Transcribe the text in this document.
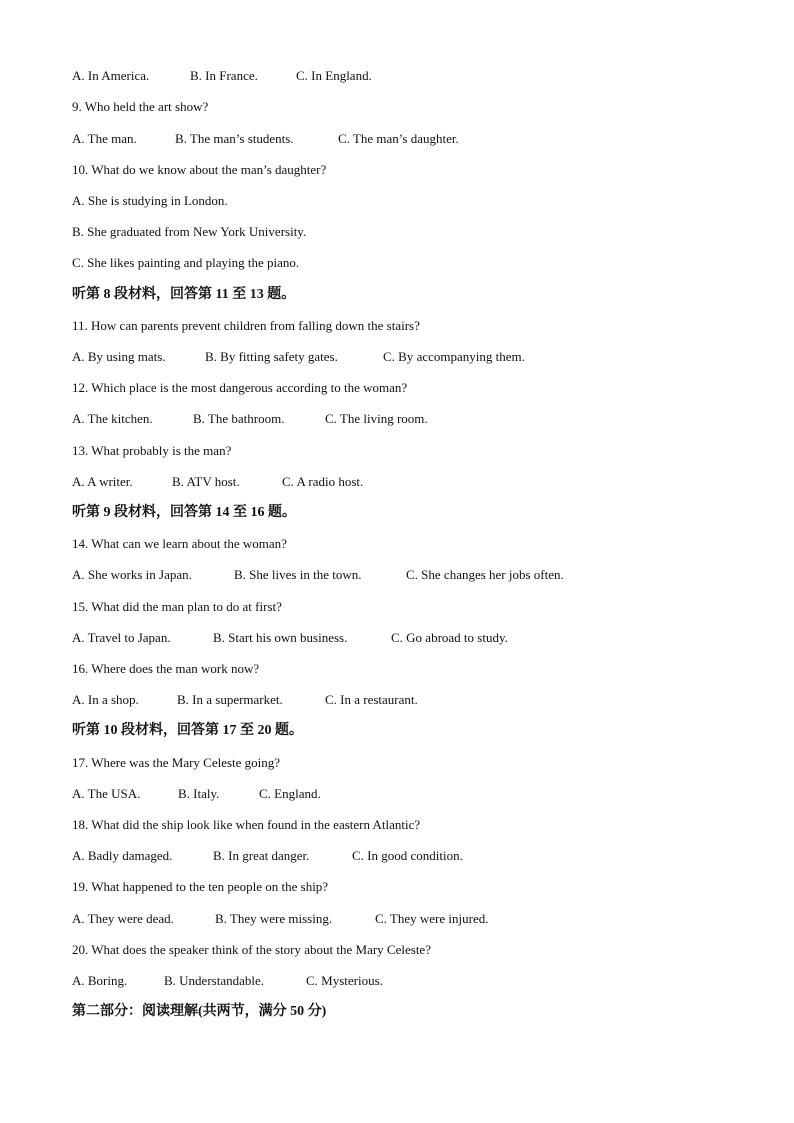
A. In America.	B. In France.	C. In England.
9. Who held the art show?
A. The man.	B. The man’s students.	C. The man’s daughter.
10. What do we know about the man’s daughter?
A. She is studying in London.
B. She graduated from New York University.
C. She likes painting and playing the piano.
听第 8 段材料，回答第 11 至 13 题。
11. How can parents prevent children from falling down the stairs?
A. By using mats.	B. By fitting safety gates.	C. By accompanying them.
12. Which place is the most dangerous according to the woman?
A. The kitchen.	B. The bathroom.	C. The living room.
13. What probably is the man?
A. A writer.	B. ATV host.	C. A radio host.
听第 9 段材料，回答第 14 至 16 题。
14. What can we learn about the woman?
A. She works in Japan.	B. She lives in the town.	C. She changes her jobs often.
15. What did the man plan to do at first?
A. Travel to Japan.	B. Start his own business.	C. Go abroad to study.
16. Where does the man work now?
A. In a shop.	B. In a supermarket.	C. In a restaurant.
听第 10 段材料，回答第 17 至 20 题。
17. Where was the Mary Celeste going?
A. The USA.	B. Italy.	C. England.
18. What did the ship look like when found in the eastern Atlantic?
A. Badly damaged.	B. In great danger.	C. In good condition.
19. What happened to the ten people on the ship?
A. They were dead.	B. They were missing.	C. They were injured.
20. What does the speaker think of the story about the Mary Celeste?
A. Boring.	B. Understandable.	C. Mysterious.
第二部分：阅读理解(共两节，满分 50 分)
